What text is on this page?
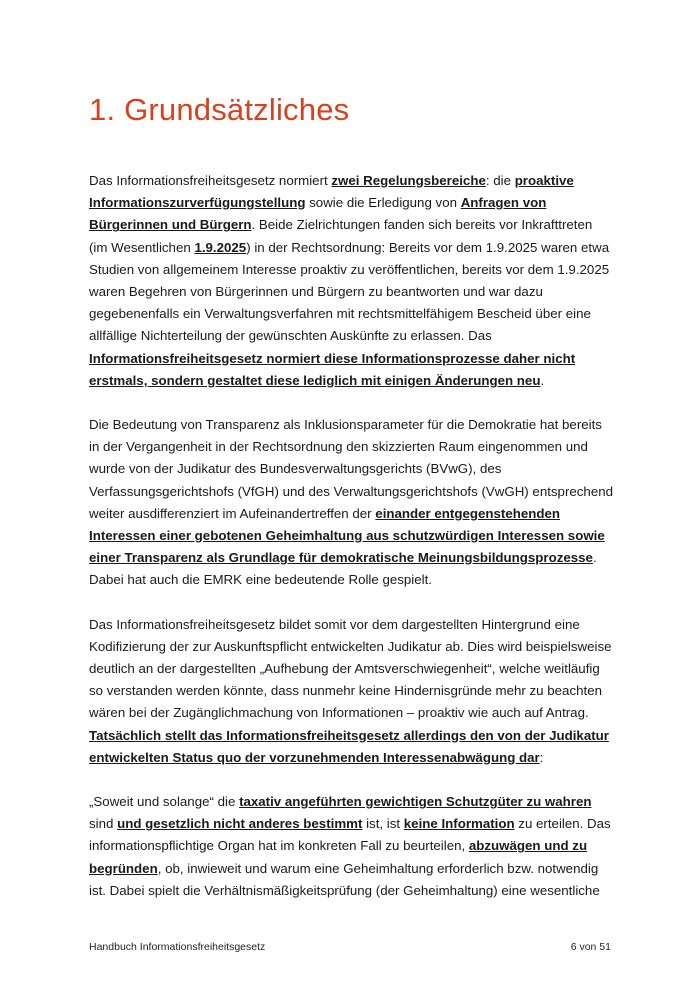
1. Grundsätzliches

Das Informationsfreiheitsgesetz normiert zwei Regelungsbereiche: die proaktive Informationszurverfügungstellung sowie die Erledigung von Anfragen von Bürgerinnen und Bürgern. Beide Zielrichtungen fanden sich bereits vor Inkrafttreten (im Wesentlichen 1.9.2025) in der Rechtsordnung: Bereits vor dem 1.9.2025 waren etwa Studien von allgemeinem Interesse proaktiv zu veröffentlichen, bereits vor dem 1.9.2025 waren Begehren von Bürgerinnen und Bürgern zu beantworten und war dazu gegebenenfalls ein Verwaltungsverfahren mit rechtsmittelfähigem Bescheid über eine allfällige Nichterteilung der gewünschten Auskünfte zu erlassen. Das Informationsfreiheitsgesetz normiert diese Informationsprozesse daher nicht erstmals, sondern gestaltet diese lediglich mit einigen Änderungen neu.

Die Bedeutung von Transparenz als Inklusionsparameter für die Demokratie hat bereits in der Vergangenheit in der Rechtsordnung den skizzierten Raum eingenommen und wurde von der Judikatur des Bundesverwaltungsgerichts (BVwG), des Verfassungsgerichtshofs (VfGH) und des Verwaltungsgerichtshofs (VwGH) entsprechend weiter ausdifferenziert im Aufeinandertreffen der einander entgegenstehenden Interessen einer gebotenen Geheimhaltung aus schutzwürdigen Interessen sowie einer Transparenz als Grundlage für demokratische Meinungsbildungsprozesse. Dabei hat auch die EMRK eine bedeutende Rolle gespielt.

Das Informationsfreiheitsgesetz bildet somit vor dem dargestellten Hintergrund eine Kodifizierung der zur Auskunftspflicht entwickelten Judikatur ab. Dies wird beispielsweise deutlich an der dargestellten „Aufhebung der Amtsverschwiegenheit“, welche weitläufig so verstanden werden könnte, dass nunmehr keine Hindernisgründe mehr zu beachten wären bei der Zugänglichmachung von Informationen – proaktiv wie auch auf Antrag. Tatsächlich stellt das Informationsfreiheitsgesetz allerdings den von der Judikatur entwickelten Status quo der vorzunehmenden Interessenabwägung dar:

„Soweit und solange“ die taxativ angeführten gewichtigen Schutzgüter zu wahren sind und gesetzlich nicht anderes bestimmt ist, ist keine Information zu erteilen. Das informationspflichtige Organ hat im konkreten Fall zu beurteilen, abzuwägen und zu begründen, ob, inwieweit und warum eine Geheimhaltung erforderlich bzw. notwendig ist. Dabei spielt die Verhältnismäßigkeitsprüfung (der Geheimhaltung) eine wesentliche

Handbuch Informationsfreiheitsgesetz	6 von 51
